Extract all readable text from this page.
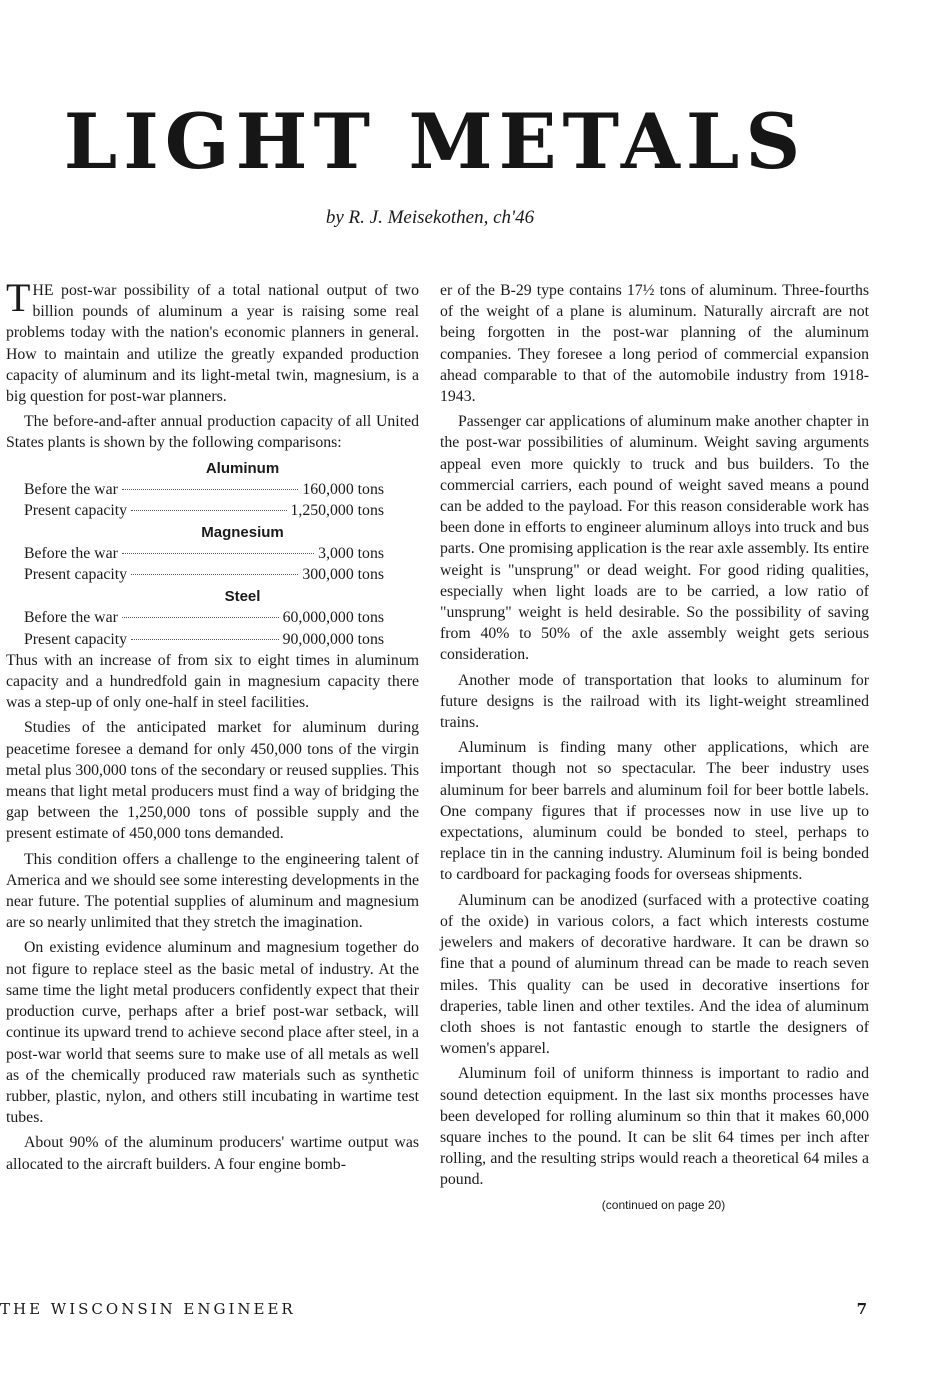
LIGHT METALS
by R. J. Meisekothen, ch'46

THE post-war possibility of a total national output of two billion pounds of aluminum a year is raising some real problems today with the nation's economic planners in general. How to maintain and utilize the greatly expanded production capacity of aluminum and its light-metal twin, magnesium, is a big question for post-war planners.

The before-and-after annual production capacity of all United States plants is shown by the following comparisons:

Aluminum
Before the war	160,000 tons
Present capacity	1,250,000 tons
Magnesium
Before the war	3,000 tons
Present capacity	300,000 tons
Steel
Before the war	60,000,000 tons
Present capacity	90,000,000 tons

Thus with an increase of from six to eight times in aluminum capacity and a hundredfold gain in magnesium capacity there was a step-up of only one-half in steel facilities.

Studies of the anticipated market for aluminum during peacetime foresee a demand for only 450,000 tons of the virgin metal plus 300,000 tons of the secondary or reused supplies. This means that light metal producers must find a way of bridging the gap between the 1,250,000 tons of possible supply and the present estimate of 450,000 tons demanded.

This condition offers a challenge to the engineering talent of America and we should see some interesting developments in the near future. The potential supplies of aluminum and magnesium are so nearly unlimited that they stretch the imagination.

On existing evidence aluminum and magnesium together do not figure to replace steel as the basic metal of industry. At the same time the light metal producers confidently expect that their production curve, perhaps after a brief post-war setback, will continue its upward trend to achieve second place after steel, in a post-war world that seems sure to make use of all metals as well as of the chemically produced raw materials such as synthetic rubber, plastic, nylon, and others still incubating in wartime test tubes.

About 90% of the aluminum producers' wartime output was allocated to the aircraft builders. A four engine bomb-

er of the B-29 type contains 17½ tons of aluminum. Three-fourths of the weight of a plane is aluminum. Naturally aircraft are not being forgotten in the post-war planning of the aluminum companies. They foresee a long period of commercial expansion ahead comparable to that of the automobile industry from 1918-1943.

Passenger car applications of aluminum make another chapter in the post-war possibilities of aluminum. Weight saving arguments appeal even more quickly to truck and bus builders. To the commercial carriers, each pound of weight saved means a pound can be added to the payload. For this reason considerable work has been done in efforts to engineer aluminum alloys into truck and bus parts. One promising application is the rear axle assembly. Its entire weight is "unsprung" or dead weight. For good riding qualities, especially when light loads are to be carried, a low ratio of "unsprung" weight is held desirable. So the possibility of saving from 40% to 50% of the axle assembly weight gets serious consideration.

Another mode of transportation that looks to aluminum for future designs is the railroad with its light-weight streamlined trains.

Aluminum is finding many other applications, which are important though not so spectacular. The beer industry uses aluminum for beer barrels and aluminum foil for beer bottle labels. One company figures that if processes now in use live up to expectations, aluminum could be bonded to steel, perhaps to replace tin in the canning industry. Aluminum foil is being bonded to cardboard for packaging foods for overseas shipments.

Aluminum can be anodized (surfaced with a protective coating of the oxide) in various colors, a fact which interests costume jewelers and makers of decorative hardware. It can be drawn so fine that a pound of aluminum thread can be made to reach seven miles. This quality can be used in decorative insertions for draperies, table linen and other textiles. And the idea of aluminum cloth shoes is not fantastic enough to startle the designers of women's apparel.

Aluminum foil of uniform thinness is important to radio and sound detection equipment. In the last six months processes have been developed for rolling aluminum so thin that it makes 60,000 square inches to the pound. It can be slit 64 times per inch after rolling, and the resulting strips would reach a theoretical 64 miles a pound.

(continued on page 20)

THE WISCONSIN ENGINEER	7
